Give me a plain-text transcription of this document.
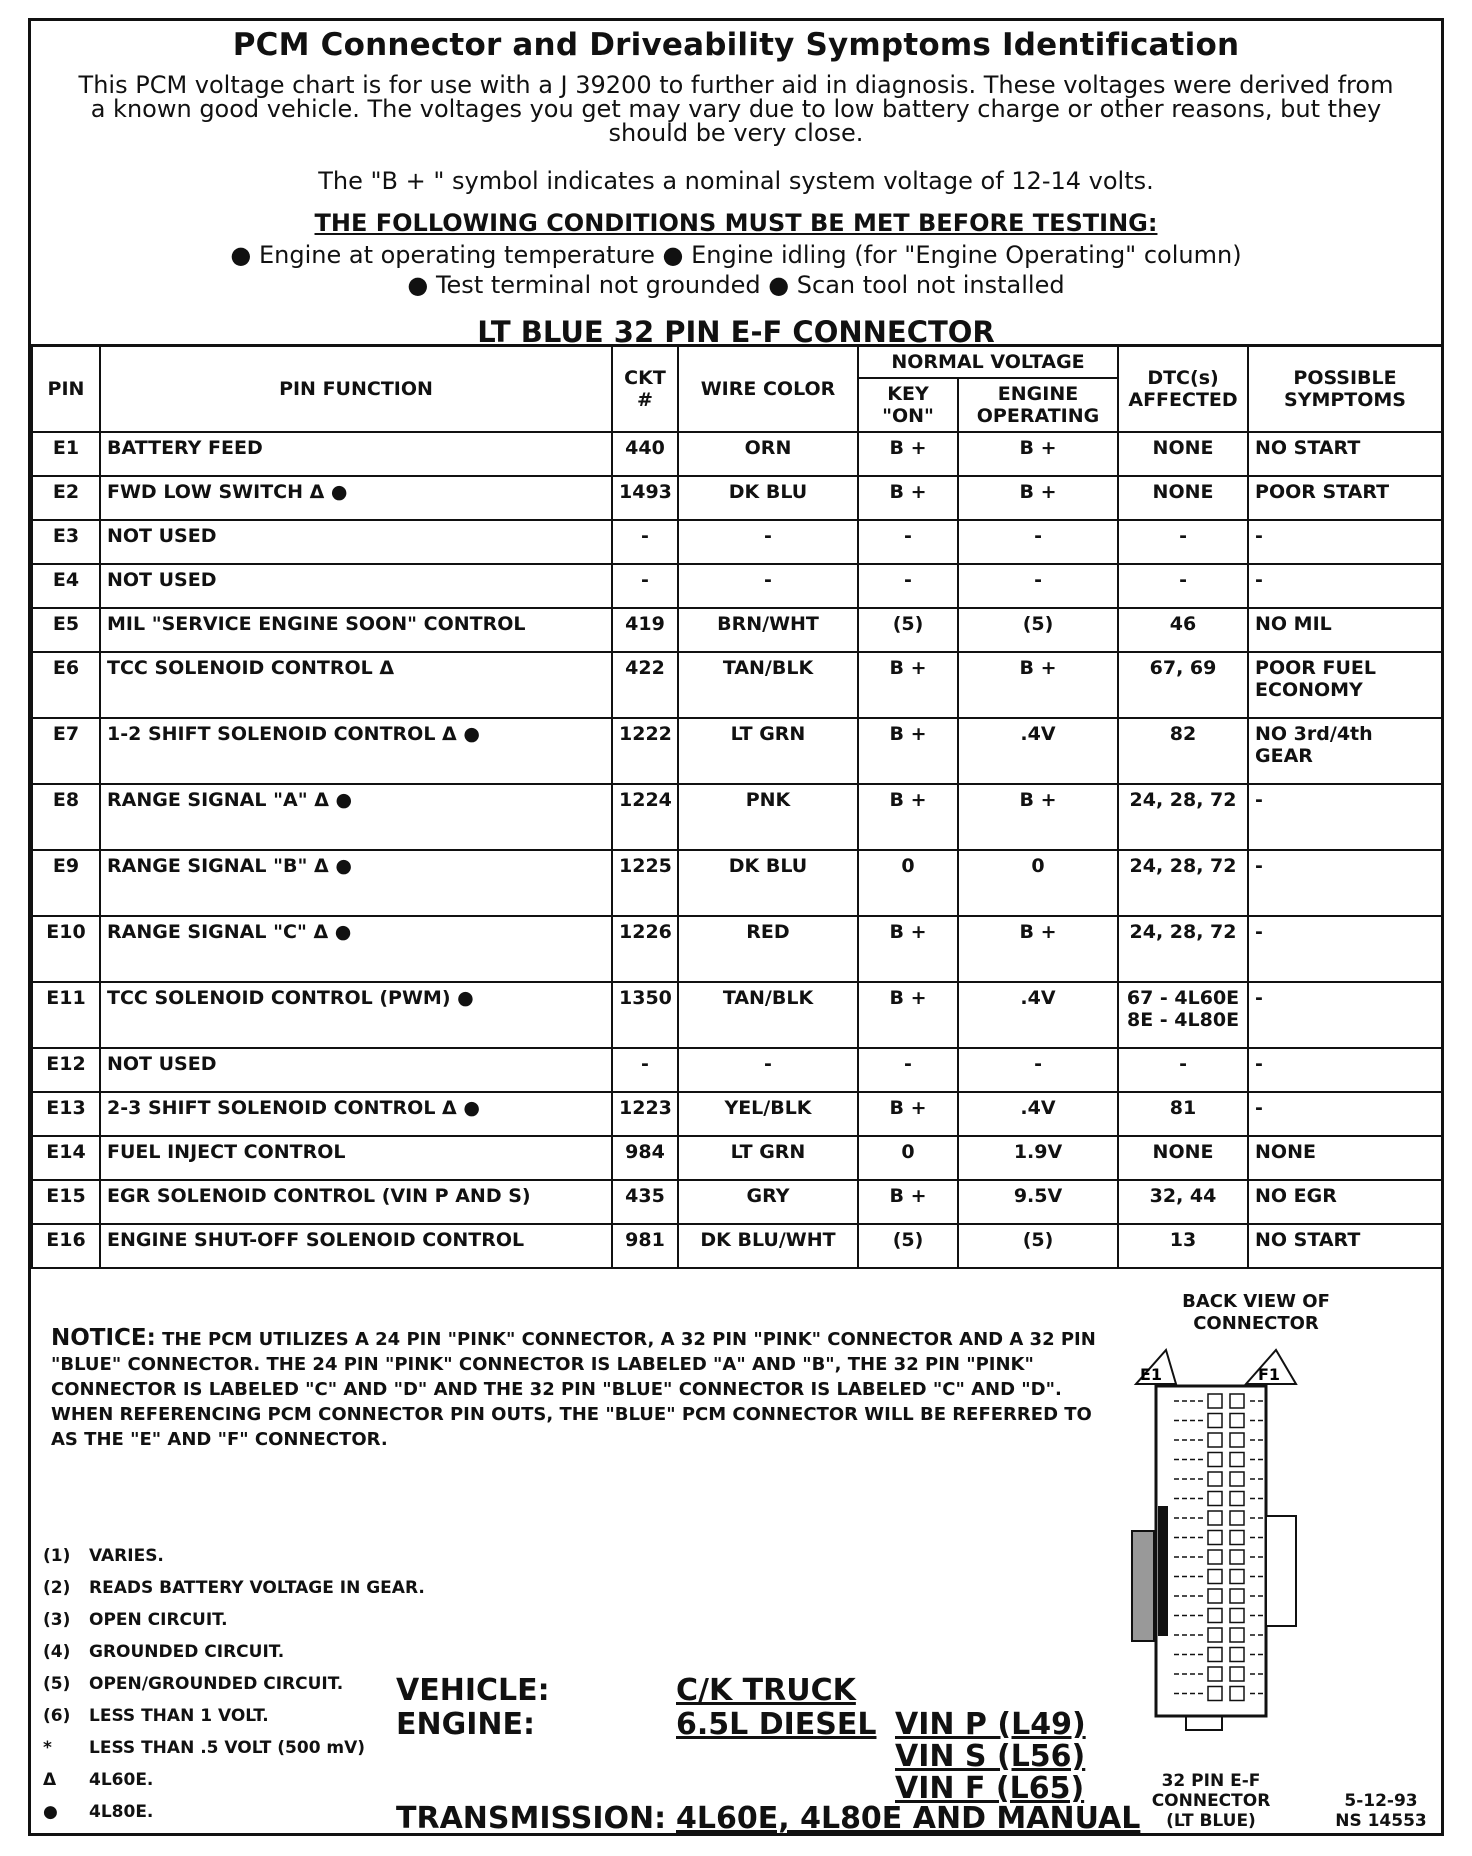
PCM Connector and Driveability Symptoms Identification
This PCM voltage chart is for use with a J 39200 to further aid in diagnosis. These voltages were derived from a known good vehicle. The voltages you get may vary due to low battery charge or other reasons, but they should be very close.
The "B + " symbol indicates a nominal system voltage of 12-14 volts.
THE FOLLOWING CONDITIONS MUST BE MET BEFORE TESTING:
● Engine at operating temperature ● Engine idling (for "Engine Operating" column)
● Test terminal not grounded ● Scan tool not installed
LT BLUE 32 PIN E-F CONNECTOR
PIN	PIN FUNCTION	CKT #	WIRE COLOR	NORMAL VOLTAGE		DTC(s) AFFECTED	POSSIBLE SYMPTOMS
				KEY "ON"	ENGINE OPERATING		
E1	BATTERY FEED	440	ORN	B +	B +	NONE	NO START
E2	FWD LOW SWITCH Δ ●	1493	DK BLU	B +	B +	NONE	POOR START
E3	NOT USED	-	-	-	-	-	-
E4	NOT USED	-	-	-	-	-	-
E5	MIL "SERVICE ENGINE SOON" CONTROL	419	BRN/WHT	(5)	(5)	46	NO MIL
E6	TCC SOLENOID CONTROL Δ	422	TAN/BLK	B +	B +	67, 69	POOR FUEL ECONOMY
E7	1-2 SHIFT SOLENOID CONTROL Δ ●	1222	LT GRN	B +	.4V	82	NO 3rd/4th GEAR
E8	RANGE SIGNAL "A" Δ ●	1224	PNK	B +	B +	24, 28, 72	-
E9	RANGE SIGNAL "B" Δ ●	1225	DK BLU	0	0	24, 28, 72	-
E10	RANGE SIGNAL "C" Δ ●	1226	RED	B +	B +	24, 28, 72	-
E11	TCC SOLENOID CONTROL (PWM) ●	1350	TAN/BLK	B +	.4V	67 - 4L60E 8E - 4L80E	-
E12	NOT USED	-	-	-	-	-	-
E13	2-3 SHIFT SOLENOID CONTROL Δ ●	1223	YEL/BLK	B +	.4V	81	-
E14	FUEL INJECT CONTROL	984	LT GRN	0	1.9V	NONE	NONE
E15	EGR SOLENOID CONTROL (VIN P AND S)	435	GRY	B +	9.5V	32, 44	NO EGR
E16	ENGINE SHUT-OFF SOLENOID CONTROL	981	DK BLU/WHT	(5)	(5)	13	NO START
NOTICE: THE PCM UTILIZES A 24 PIN "PINK" CONNECTOR, A 32 PIN "PINK" CONNECTOR AND A 32 PIN "BLUE" CONNECTOR. THE 24 PIN "PINK" CONNECTOR IS LABELED "A" AND "B", THE 32 PIN "PINK" CONNECTOR IS LABELED "C" AND "D" AND THE 32 PIN "BLUE" CONNECTOR IS LABELED "C" AND "D". WHEN REFERENCING PCM CONNECTOR PIN OUTS, THE "BLUE" PCM CONNECTOR WILL BE REFERRED TO AS THE "E" AND "F" CONNECTOR.
(1)	VARIES.
(2)	READS BATTERY VOLTAGE IN GEAR.
(3)	OPEN CIRCUIT.
(4)	GROUNDED CIRCUIT.
(5)	OPEN/GROUNDED CIRCUIT.
(6)	LESS THAN 1 VOLT.
*	LESS THAN .5 VOLT (500 mV)
Δ	4L60E.
●	4L80E.
VEHICLE:	C/K TRUCK
ENGINE:	6.5L DIESEL VIN P (L49)
VIN S (L56)
VIN F (L65)
TRANSMISSION: 4L60E, 4L80E AND MANUAL
BACK VIEW OF CONNECTOR
E1	F1
32 PIN E-F CONNECTOR (LT BLUE)
5-12-93
NS 14553
